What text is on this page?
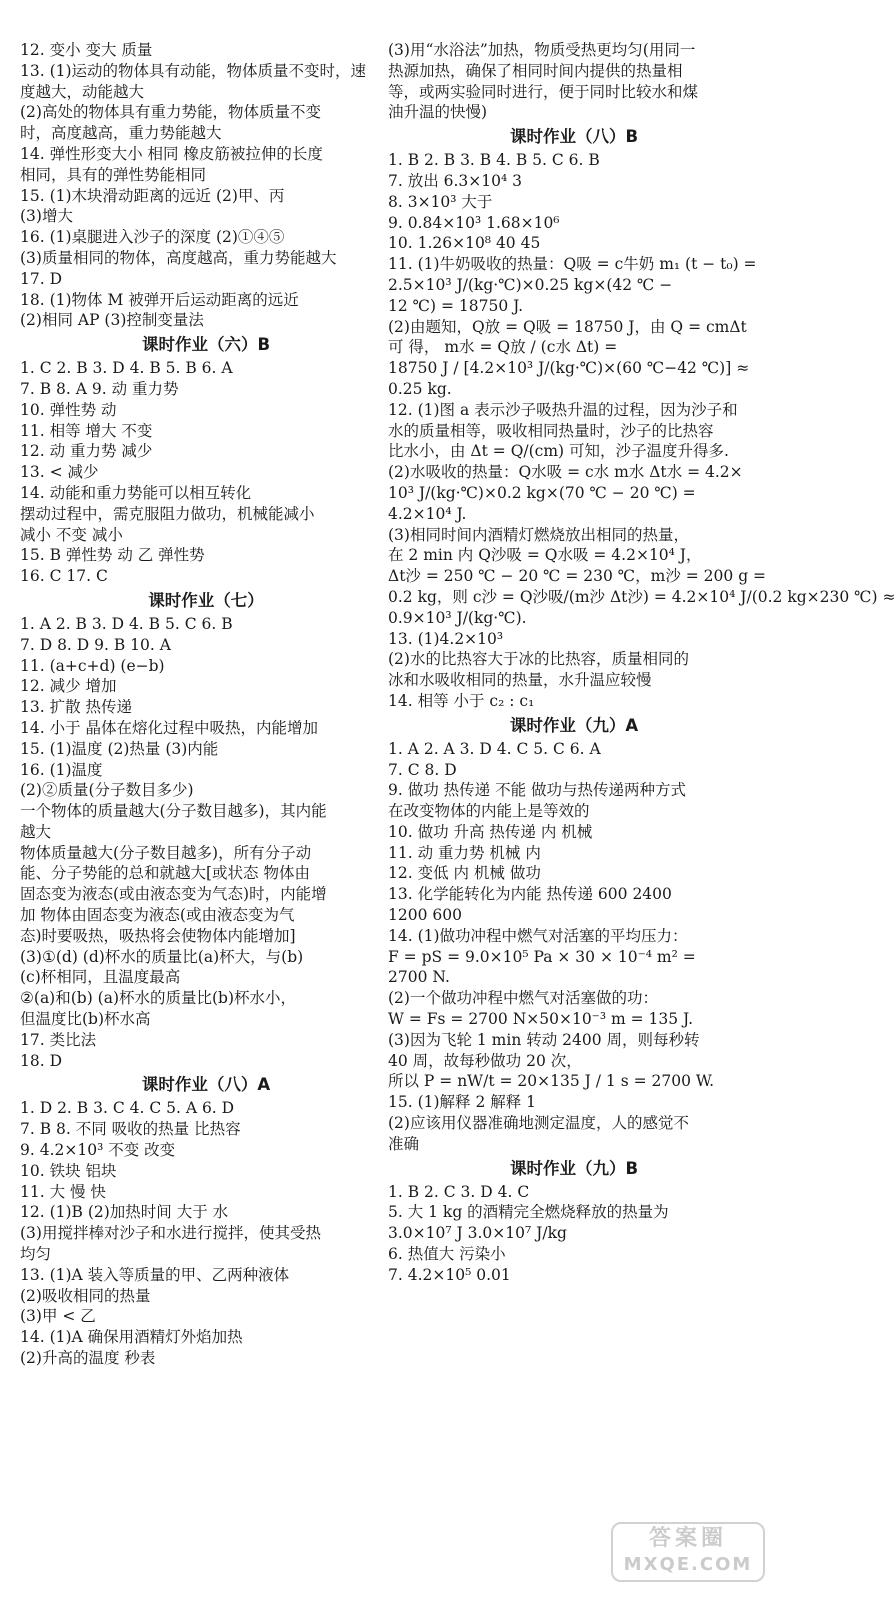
12. 变小 变大 质量
13. (1)运动的物体具有动能，物体质量不变时，速
度越大，动能越大
(2)高处的物体具有重力势能，物体质量不变
时，高度越高，重力势能越大
14. 弹性形变大小 相同 橡皮筋被拉伸的长度
相同，具有的弹性势能相同
15. (1)木块滑动距离的远近 (2)甲、丙
(3)增大
16. (1)桌腿进入沙子的深度 (2)①④⑤
(3)质量相同的物体，高度越高，重力势能越大
17. D
18. (1)物体 M 被弹开后运动距离的远近
(2)相同 AP (3)控制变量法
课时作业（六）B
1. C 2. B 3. D 4. B 5. B 6. A
7. B 8. A 9. 动 重力势
10. 弹性势 动
11. 相等 增大 不变
12. 动 重力势 减少
13. < 减少
14. 动能和重力势能可以相互转化
摆动过程中，需克服阻力做功，机械能减小
减小 不变 减小
15. B 弹性势 动 乙 弹性势
16. C 17. C
课时作业（七）
1. A 2. B 3. D 4. B 5. C 6. B
7. D 8. D 9. B 10. A
11. (a+c+d) (e−b)
12. 减少 增加
13. 扩散 热传递
14. 小于 晶体在熔化过程中吸热，内能增加
15. (1)温度 (2)热量 (3)内能
16. (1)温度
(2)②质量(分子数目多少)
一个物体的质量越大(分子数目越多)，其内能
越大
物体质量越大(分子数目越多)，所有分子动
能、分子势能的总和就越大[或状态 物体由
固态变为液态(或由液态变为气态)时，内能增
加 物体由固态变为液态(或由液态变为气
态)时要吸热，吸热将会使物体内能增加]
(3)①(d) (d)杯水的质量比(a)杯大，与(b)
(c)杯相同，且温度最高
②(a)和(b) (a)杯水的质量比(b)杯水小，
但温度比(b)杯水高
17. 类比法
18. D
课时作业（八）A
1. D 2. B 3. C 4. C 5. A 6. D
7. B 8. 不同 吸收的热量 比热容
9. 4.2×10³ 不变 改变
10. 铁块 铝块
11. 大 慢 快
12. (1)B (2)加热时间 大于 水
(3)用搅拌棒对沙子和水进行搅拌，使其受热
均匀
13. (1)A 装入等质量的甲、乙两种液体
(2)吸收相同的热量
(3)甲 < 乙
14. (1)A 确保用酒精灯外焰加热
(2)升高的温度 秒表
(3)用“水浴法”加热，物质受热更均匀(用同一
热源加热，确保了相同时间内提供的热量相
等，或两实验同时进行，便于同时比较水和煤
油升温的快慢)
课时作业（八）B
1. B 2. B 3. B 4. B 5. C 6. B
7. 放出 6.3×10⁴ 3
8. 3×10³ 大于
9. 0.84×10³ 1.68×10⁶
10. 1.26×10⁸ 40 45
11. (1)牛奶吸收的热量：Q吸 = c牛奶 m₁ (t − t₀) =
2.5×10³ J/(kg·℃)×0.25 kg×(42 ℃ −
12 ℃) = 18750 J.
(2)由题知，Q放 = Q吸 = 18750 J，由 Q = cmΔt
可 得， m水 = Q放 / (c水 Δt) =
18750 J / [4.2×10³ J/(kg·℃)×(60 ℃−42 ℃)] ≈
0.25 kg.
12. (1)图 a 表示沙子吸热升温的过程，因为沙子和
水的质量相等，吸收相同热量时，沙子的比热容
比水小，由 Δt = Q/(cm) 可知，沙子温度升得多.
(2)水吸收的热量：Q水吸 = c水 m水 Δt水 = 4.2×
10³ J/(kg·℃)×0.2 kg×(70 ℃ − 20 ℃) =
4.2×10⁴ J.
(3)相同时间内酒精灯燃烧放出相同的热量，
在 2 min 内 Q沙吸 = Q水吸 = 4.2×10⁴ J，
Δt沙 = 250 ℃ − 20 ℃ = 230 ℃，m沙 = 200 g =
0.2 kg，则 c沙 = Q沙吸/(m沙 Δt沙) = 4.2×10⁴ J/(0.2 kg×230 ℃) ≈
0.9×10³ J/(kg·℃).
13. (1)4.2×10³
(2)水的比热容大于冰的比热容，质量相同的
冰和水吸收相同的热量，水升温应较慢
14. 相等 小于 c₂ : c₁
课时作业（九）A
1. A 2. A 3. D 4. C 5. C 6. A
7. C 8. D
9. 做功 热传递 不能 做功与热传递两种方式
在改变物体的内能上是等效的
10. 做功 升高 热传递 内 机械
11. 动 重力势 机械 内
12. 变低 内 机械 做功
13. 化学能转化为内能 热传递 600 2400
1200 600
14. (1)做功冲程中燃气对活塞的平均压力：
F = pS = 9.0×10⁵ Pa × 30 × 10⁻⁴ m² =
2700 N.
(2)一个做功冲程中燃气对活塞做的功：
W = Fs = 2700 N×50×10⁻³ m = 135 J.
(3)因为飞轮 1 min 转动 2400 周，则每秒转
40 周，故每秒做功 20 次，
所以 P = nW/t = 20×135 J / 1 s = 2700 W.
15. (1)解释 2 解释 1
(2)应该用仪器准确地测定温度，人的感觉不
准确
课时作业（九）B
1. B 2. C 3. D 4. C
5. 大 1 kg 的酒精完全燃烧释放的热量为
3.0×10⁷ J 3.0×10⁷ J/kg
6. 热值大 污染小
7. 4.2×10⁵ 0.01
答案圈
MXQE.COM
